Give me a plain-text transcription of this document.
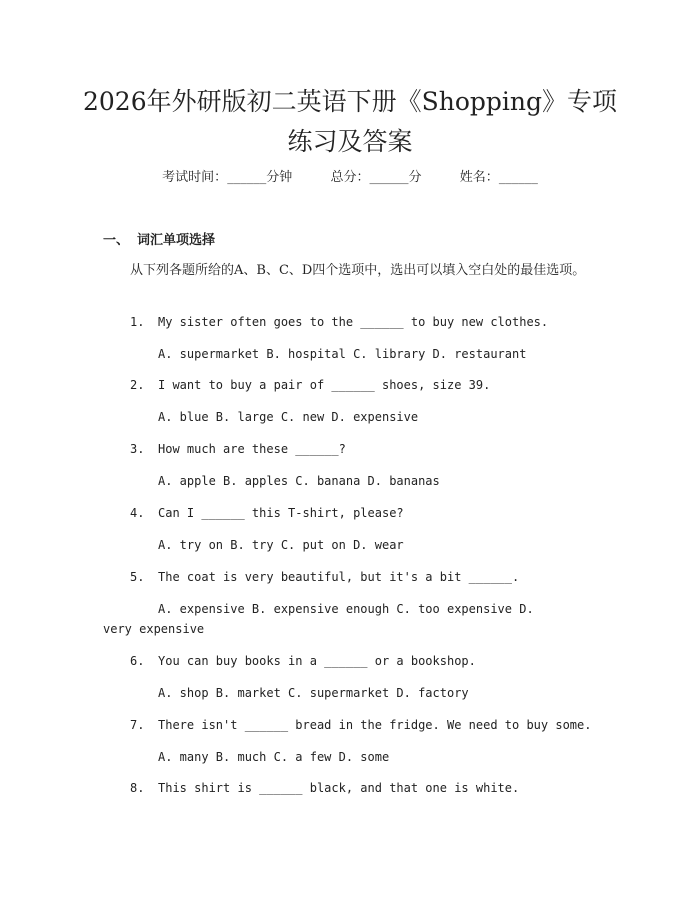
2026年外研版初二英语下册《Shopping》专项练习及答案
考试时间：______分钟	总分：______分	姓名：______
一、 词汇单项选择

从下列各题所给的A、B、C、D四个选项中，选出可以填入空白处的最佳选项。

1. My sister often goes to the ______ to buy new clothes.

A. supermarket B. hospital C. library D. restaurant

2. I want to buy a pair of ______ shoes, size 39.

A. blue B. large C. new D. expensive

3. How much are these ______?

A. apple B. apples C. banana D. bananas

4. Can I ______ this T-shirt, please?

A. try on B. try C. put on D. wear

5. The coat is very beautiful, but it's a bit ______.

A. expensive B. expensive enough C. too expensive D. very expensive

6. You can buy books in a ______ or a bookshop.

A. shop B. market C. supermarket D. factory

7. There isn't ______ bread in the fridge. We need to buy some.

A. many B. much C. a few D. some

8. This shirt is ______ black, and that one is white.
